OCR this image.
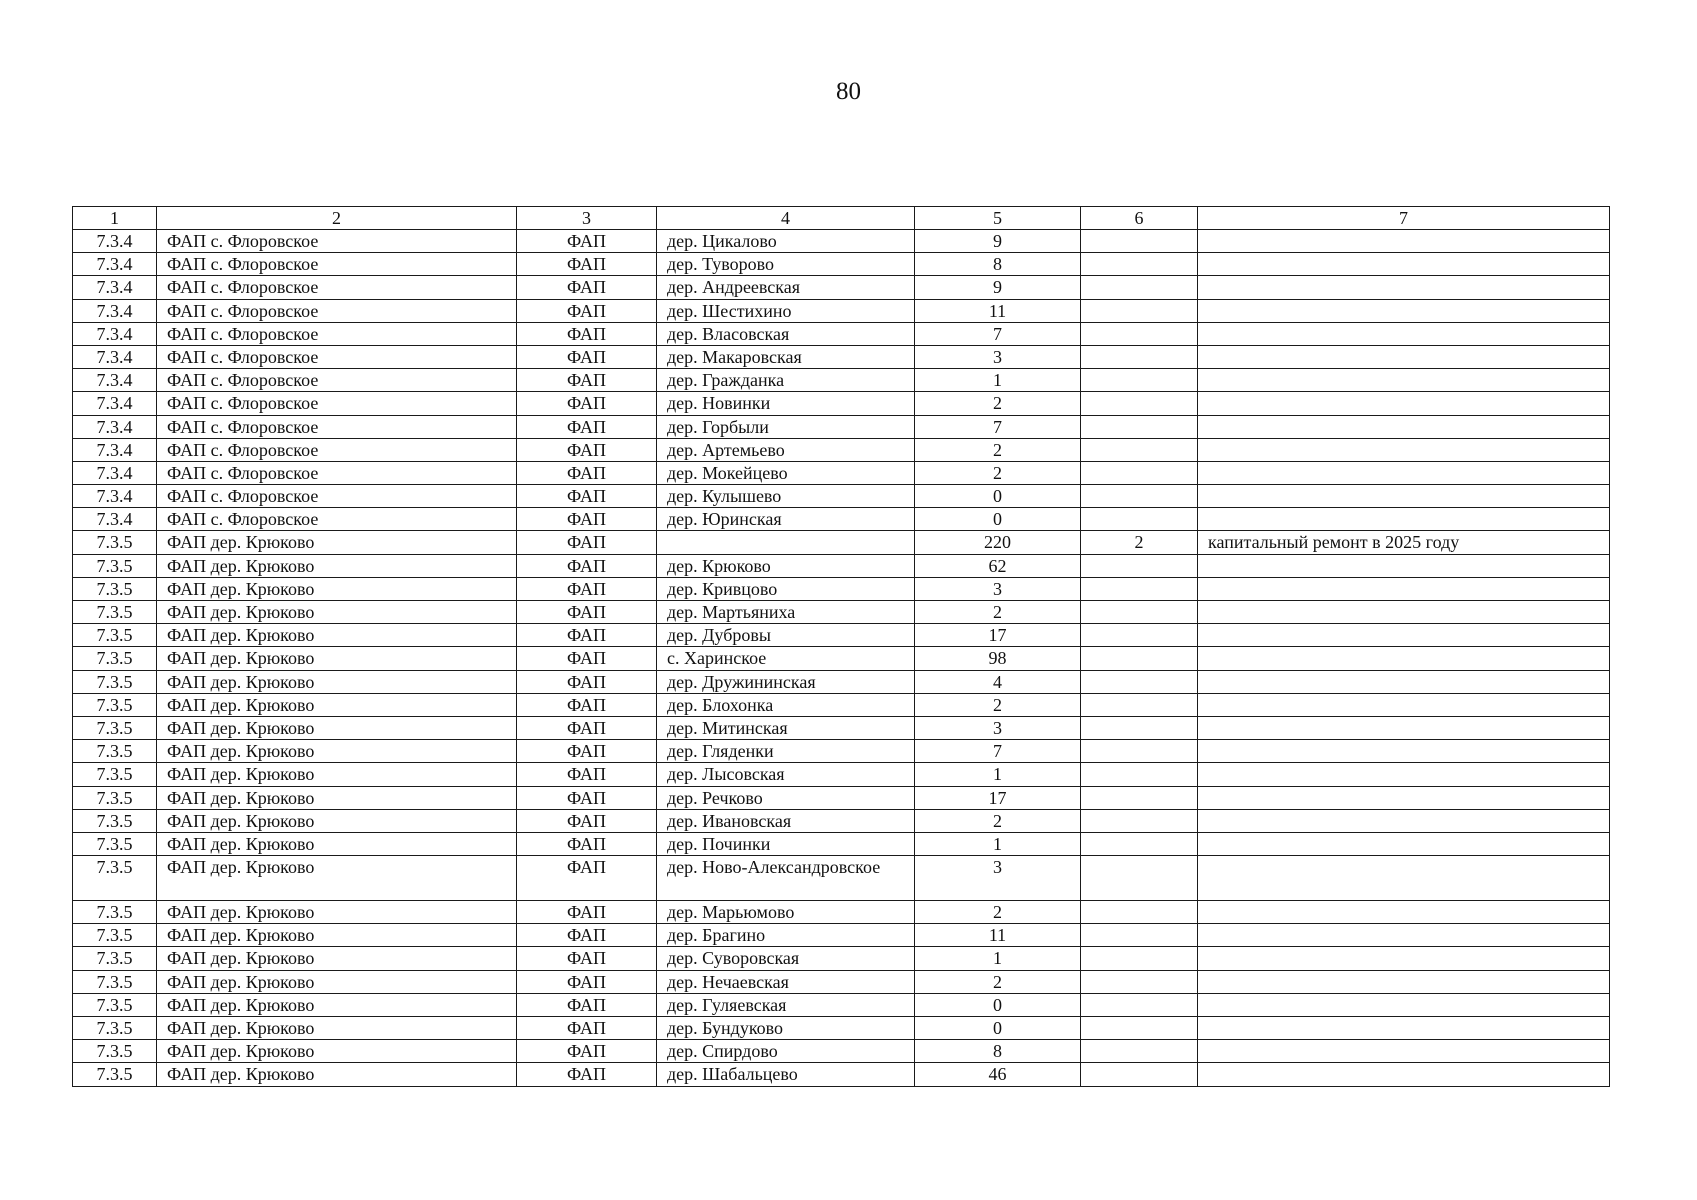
80
1	2	3	4	5	6	7
7.3.4	ФАП с. Флоровское	ФАП	дер. Цикалово	9		
7.3.4	ФАП с. Флоровское	ФАП	дер. Туворово	8		
7.3.4	ФАП с. Флоровское	ФАП	дер. Андреевская	9		
7.3.4	ФАП с. Флоровское	ФАП	дер. Шестихино	11		
7.3.4	ФАП с. Флоровское	ФАП	дер. Власовская	7		
7.3.4	ФАП с. Флоровское	ФАП	дер. Макаровская	3		
7.3.4	ФАП с. Флоровское	ФАП	дер. Гражданка	1		
7.3.4	ФАП с. Флоровское	ФАП	дер. Новинки	2		
7.3.4	ФАП с. Флоровское	ФАП	дер. Горбыли	7		
7.3.4	ФАП с. Флоровское	ФАП	дер. Артемьево	2		
7.3.4	ФАП с. Флоровское	ФАП	дер. Мокейцево	2		
7.3.4	ФАП с. Флоровское	ФАП	дер. Кулышево	0		
7.3.4	ФАП с. Флоровское	ФАП	дер. Юринская	0		
7.3.5	ФАП дер. Крюково	ФАП		220	2	капитальный ремонт в 2025 году
7.3.5	ФАП дер. Крюково	ФАП	дер. Крюково	62		
7.3.5	ФАП дер. Крюково	ФАП	дер. Кривцово	3		
7.3.5	ФАП дер. Крюково	ФАП	дер. Мартьяниха	2		
7.3.5	ФАП дер. Крюково	ФАП	дер. Дубровы	17		
7.3.5	ФАП дер. Крюково	ФАП	с. Харинское	98		
7.3.5	ФАП дер. Крюково	ФАП	дер. Дружининская	4		
7.3.5	ФАП дер. Крюково	ФАП	дер. Блохонка	2		
7.3.5	ФАП дер. Крюково	ФАП	дер. Митинская	3		
7.3.5	ФАП дер. Крюково	ФАП	дер. Гляденки	7		
7.3.5	ФАП дер. Крюково	ФАП	дер. Лысовская	1		
7.3.5	ФАП дер. Крюково	ФАП	дер. Речково	17		
7.3.5	ФАП дер. Крюково	ФАП	дер. Ивановская	2		
7.3.5	ФАП дер. Крюково	ФАП	дер. Починки	1		
7.3.5	ФАП дер. Крюково	ФАП	дер. Ново-Александровское	3		
7.3.5	ФАП дер. Крюково	ФАП	дер. Марьюмово	2		
7.3.5	ФАП дер. Крюково	ФАП	дер. Брагино	11		
7.3.5	ФАП дер. Крюково	ФАП	дер. Суворовская	1		
7.3.5	ФАП дер. Крюково	ФАП	дер. Нечаевская	2		
7.3.5	ФАП дер. Крюково	ФАП	дер. Гуляевская	0		
7.3.5	ФАП дер. Крюково	ФАП	дер. Бундуково	0		
7.3.5	ФАП дер. Крюково	ФАП	дер. Спирдово	8		
7.3.5	ФАП дер. Крюково	ФАП	дер. Шабальцево	46		
